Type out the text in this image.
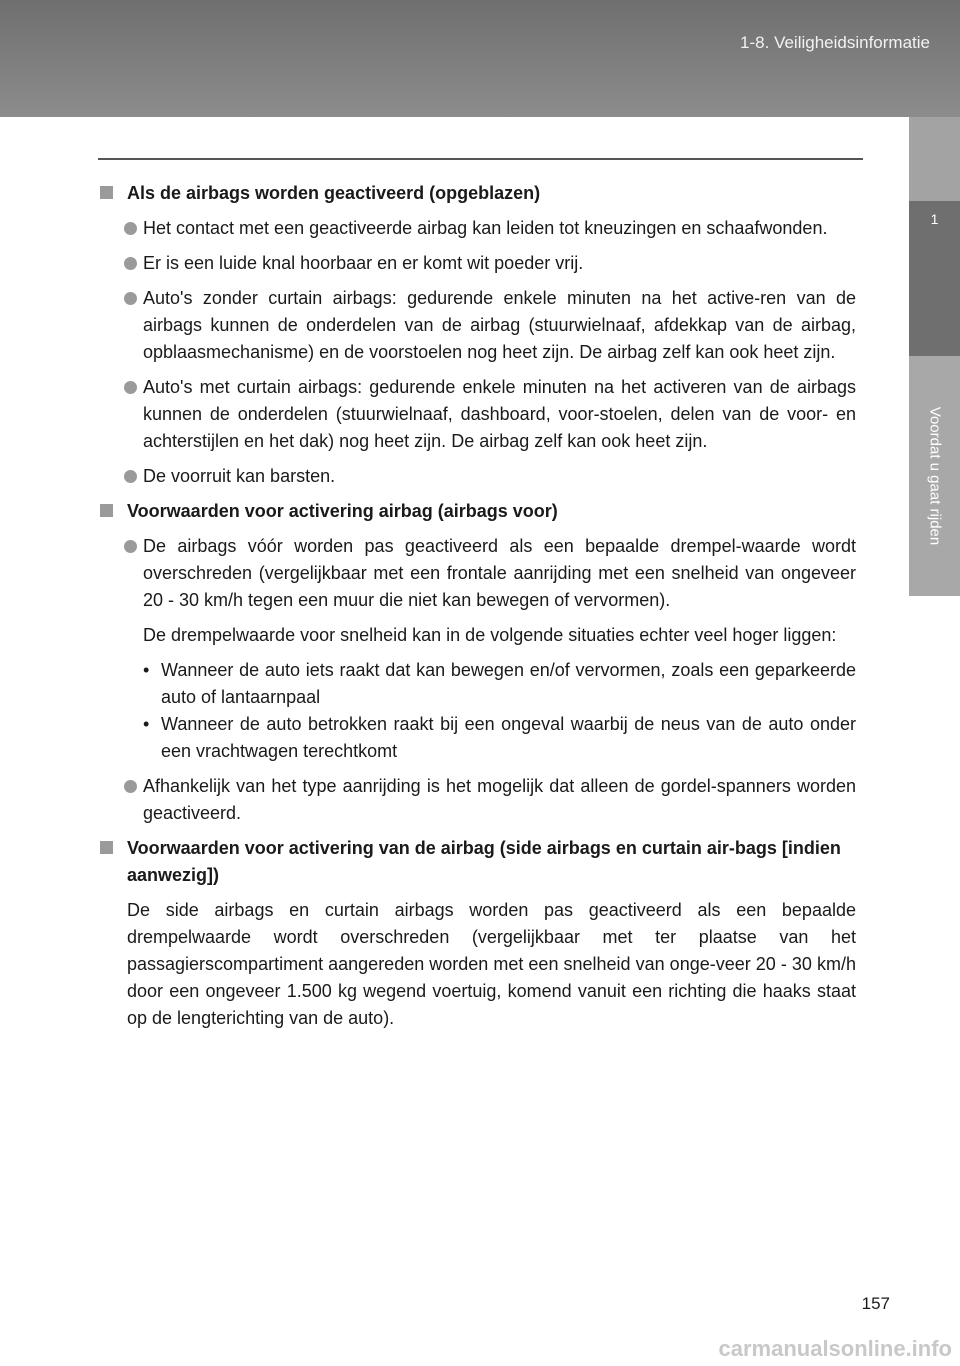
1-8. Veiligheidsinformatie
1
Voordat u gaat rijden
Als de airbags worden geactiveerd (opgeblazen)
Het contact met een geactiveerde airbag kan leiden tot kneuzingen en schaafwonden.
Er is een luide knal hoorbaar en er komt wit poeder vrij.
Auto's zonder curtain airbags: gedurende enkele minuten na het active-ren van de airbags kunnen de onderdelen van de airbag (stuurwielnaaf, afdekkap van de airbag, opblaasmechanisme) en de voorstoelen nog heet zijn. De airbag zelf kan ook heet zijn.
Auto's met curtain airbags: gedurende enkele minuten na het activeren van de airbags kunnen de onderdelen (stuurwielnaaf, dashboard, voor-stoelen, delen van de voor- en achterstijlen en het dak) nog heet zijn. De airbag zelf kan ook heet zijn.
De voorruit kan barsten.
Voorwaarden voor activering airbag (airbags voor)
De airbags vóór worden pas geactiveerd als een bepaalde drempel-waarde wordt overschreden (vergelijkbaar met een frontale aanrijding met een snelheid van ongeveer 20 - 30 km/h tegen een muur die niet kan bewegen of vervormen).
De drempelwaarde voor snelheid kan in de volgende situaties echter veel hoger liggen:
• Wanneer de auto iets raakt dat kan bewegen en/of vervormen, zoals een geparkeerde auto of lantaarnpaal
• Wanneer de auto betrokken raakt bij een ongeval waarbij de neus van de auto onder een vrachtwagen terechtkomt
Afhankelijk van het type aanrijding is het mogelijk dat alleen de gordel-spanners worden geactiveerd.
Voorwaarden voor activering van de airbag (side airbags en curtain air-bags [indien aanwezig])
De side airbags en curtain airbags worden pas geactiveerd als een bepaalde drempelwaarde wordt overschreden (vergelijkbaar met ter plaatse van het passagierscompartiment aangereden worden met een snelheid van onge-veer 20 - 30 km/h door een ongeveer 1.500 kg wegend voertuig, komend vanuit een richting die haaks staat op de lengterichting van de auto).
157
carmanualsonline.info
